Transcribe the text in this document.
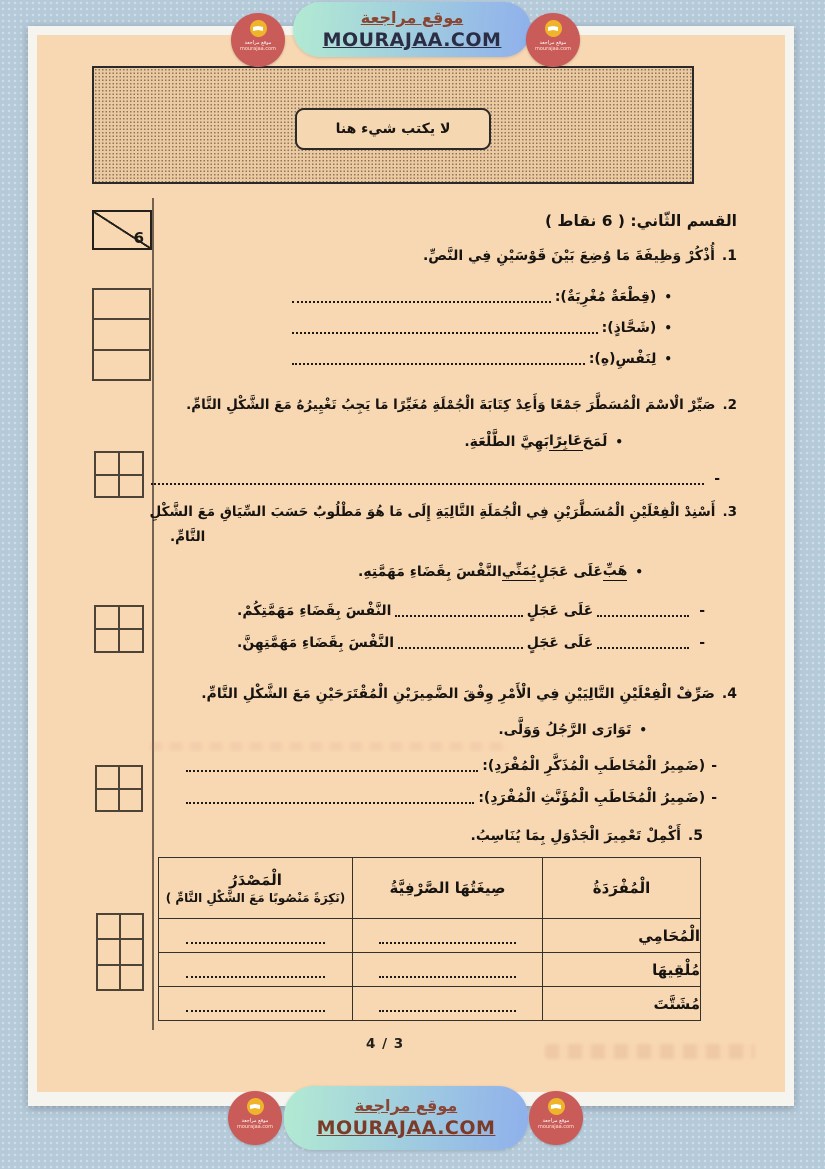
موقع مراجعة
MOURAJAA.COM
موقع مراجعة
mourajaa.com
موقع مراجعة
mourajaa.com
لا يكتب شيء هنا
6
القسم الثّاني: ( 6 نقاط )
1.أُذْكُرْ وَظِيفَةَ مَا وُضِعَ بَيْنَ قَوْسَيْنِ فِي النَّصِّ.
•
(قِطْعَةٌ مُغْرِيَةٌ):
•
(شَحَّاذٍ):
•
لِنَفْسِ(هِ):
2.صَيِّرْ الْاسْمَ الْمُسَطَّرَ جَمْعًا وَأَعِدْ كِتَابَةَ الْجُمْلَةِ مُغَيِّرًا مَا يَجِبُ تَغْيِيرُهُ مَعَ الشَّكْلِ التَّامِّ.
•
لَمَحَ
عَابِرًا
بَهِيَّ الطَّلْعَةِ.
-
3.أَسْنِدْ الْفِعْلَيْنِ الْمُسَطَّرَيْنِ فِي الْجُمَلَةِ التَّالِيَةِ إِلَى مَا هُوَ مَطْلُوبٌ حَسَبَ السِّيَاقِ مَعَ الشَّكْلِ
التَّامِّ.
•
هَبِّ
عَلَى عَجَلٍ
يُمَنِّي
النَّفْسَ بِقَضَاءِ مَهَمَّتِهِ.
-
عَلَى عَجَلٍ
النَّفْسَ بِقَضَاءِ مَهَمَّتِكُمْ.
-
عَلَى عَجَلٍ
النَّفْسَ بِقَضَاءِ مَهَمَّتِهِنَّ.
4.صَرِّفْ الْفِعْلَيْنِ التَّالِيَيْنِ فِي الْأَمْرِ وِفْقَ الضَّمِيرَيْنِ الْمُقْتَرَحَيْنِ مَعَ الشَّكْلِ التَّامِّ.
•
تَوَارَى الرَّجُلُ وَوَلَّى.
-
(ضَمِيرُ الْمُخَاطَبِ الْمُذَكَّرِ الْمُفْرَدِ):
-
(ضَمِيرُ الْمُخَاطَبِ الْمُؤَنَّثِ الْمُفْرَدِ):
5.أَكْمِلْ تَعْمِيرَ الْجَدْوَلِ بِمَا يُنَاسِبُ.
الْمُفْرَدَةُ	صِيغَتُهَا الصَّرْفِيَّةُ	الْمَصْدَرُ
(نَكِرَةً مَنْصُوبًا مَعَ الشَّكْلِ التَّامِّ )

الْمُحَامِي	

مُلْقِيهَا	

مُشَتَّتَ	

4 / 3
موقع مراجعة
MOURAJAA.COM
موقع مراجعة
mourajaa.com
موقع مراجعة
mourajaa.com
